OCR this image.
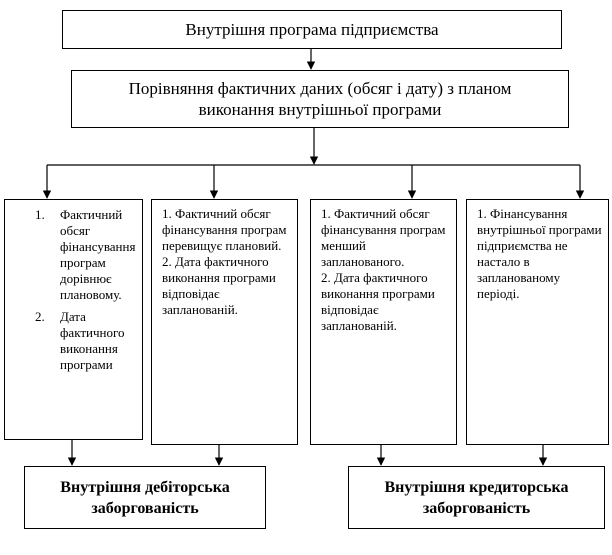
Внутрішня програма підприємства
Порівняння фактичних даних (обсяг і дату) з планом
виконання внутрішньої програми
1. Фактичний обсяг фінансування програм дорівнює плановому.
2. Дата фактичного виконання програми

1. Фактичний обсяг фінансування програм перевищує плановий.

2. Дата фактичного виконання програми відповідає запланованій.

1. Фактичний обсяг фінансування програм менший запланованого.

2. Дата фактичного виконання програми відповідає запланованій.

1. Фінансування внутрішньої програми підприємства не настало в запланованому періоді.

Внутрішня дебіторська
заборгованість
Внутрішня кредиторська
заборгованість
